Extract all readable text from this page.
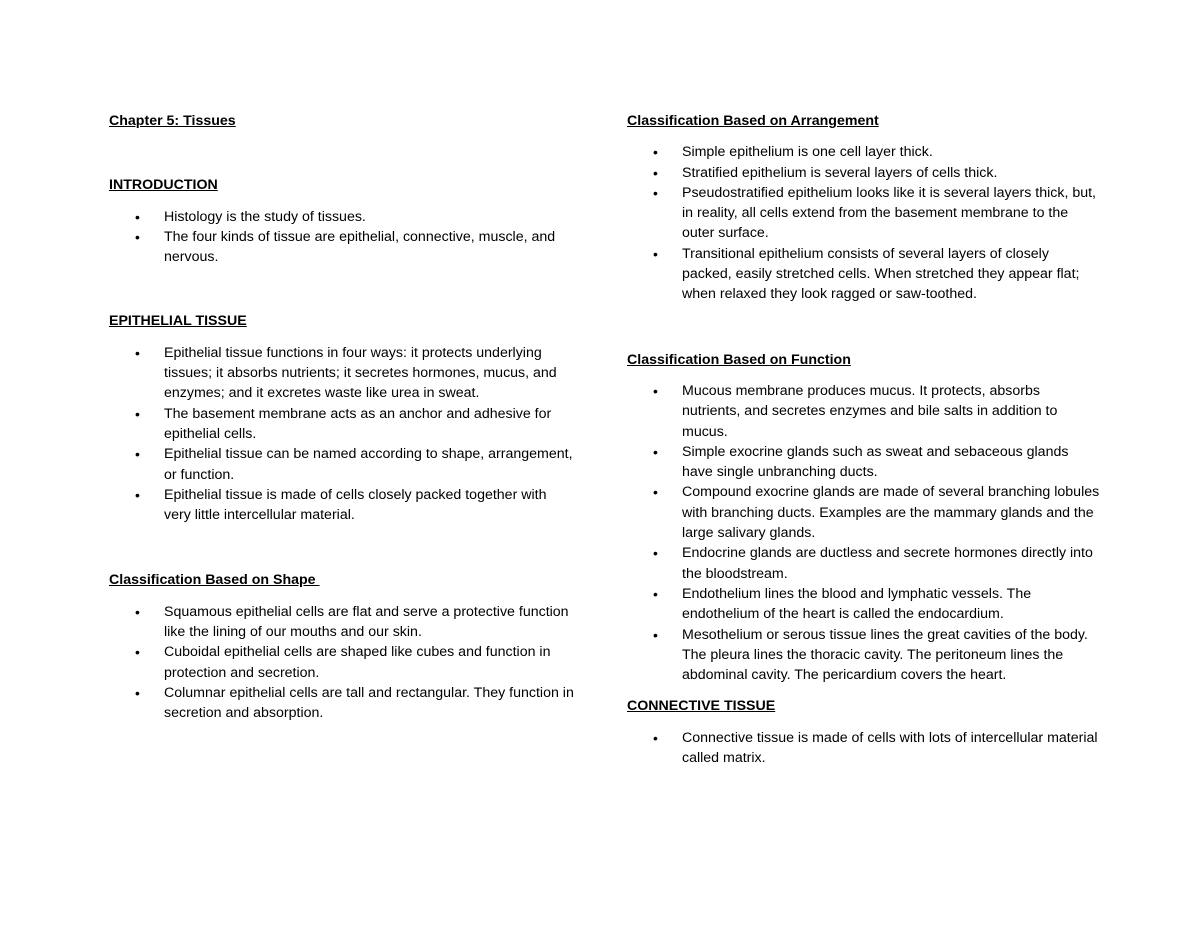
Chapter 5: Tissues

INTRODUCTION

• Histology is the study of tissues.
• The four kinds of tissue are epithelial, connective, muscle, and nervous.

EPITHELIAL TISSUE

• Epithelial tissue functions in four ways: it protects underlying tissues; it absorbs nutrients; it secretes hormones, mucus, and enzymes; and it excretes waste like urea in sweat.
• The basement membrane acts as an anchor and adhesive for epithelial cells.
• Epithelial tissue can be named according to shape, arrangement, or function.
• Epithelial tissue is made of cells closely packed together with very little intercellular material.

Classification Based on Shape

• Squamous epithelial cells are flat and serve a protective function like the lining of our mouths and our skin.
• Cuboidal epithelial cells are shaped like cubes and function in protection and secretion.
• Columnar epithelial cells are tall and rectangular. They function in secretion and absorption.

Classification Based on Arrangement

• Simple epithelium is one cell layer thick.
• Stratified epithelium is several layers of cells thick.
• Pseudostratified epithelium looks like it is several layers thick, but, in reality, all cells extend from the basement membrane to the outer surface.
• Transitional epithelium consists of several layers of closely packed, easily stretched cells. When stretched they appear flat; when relaxed they look ragged or saw-toothed.

Classification Based on Function

• Mucous membrane produces mucus. It protects, absorbs nutrients, and secretes enzymes and bile salts in addition to mucus.
• Simple exocrine glands such as sweat and sebaceous glands have single unbranching ducts.
• Compound exocrine glands are made of several branching lobules with branching ducts. Examples are the mammary glands and the large salivary glands.
• Endocrine glands are ductless and secrete hormones directly into the bloodstream.
• Endothelium lines the blood and lymphatic vessels. The endothelium of the heart is called the endocardium.
• Mesothelium or serous tissue lines the great cavities of the body. The pleura lines the thoracic cavity. The peritoneum lines the abdominal cavity. The pericardium covers the heart.

CONNECTIVE TISSUE

• Connective tissue is made of cells with lots of intercellular material called matrix.
